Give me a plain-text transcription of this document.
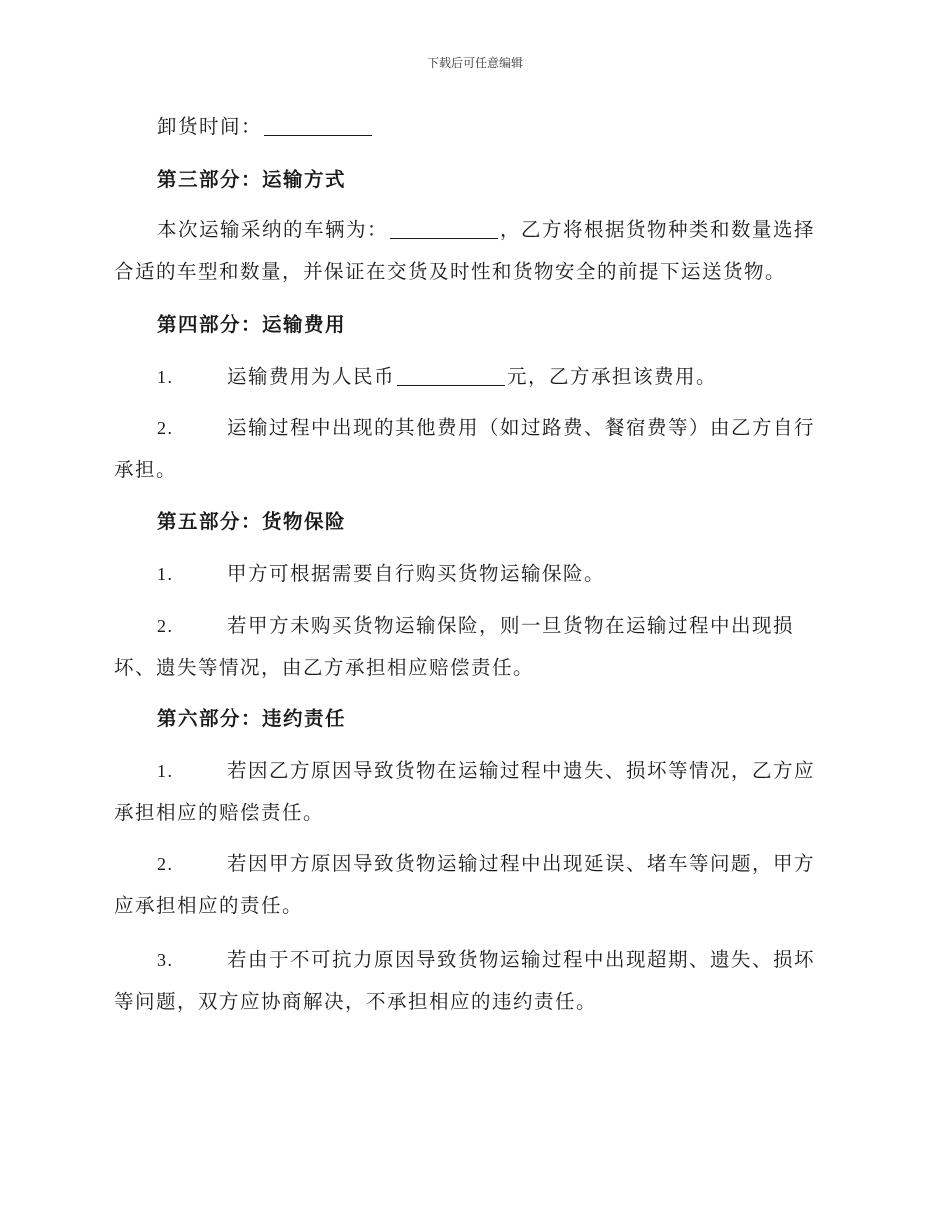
下载后可任意编辑

卸货时间：

第三部分：运输方式

本次运输采纳的车辆为：	，乙方将根据货物种类和数量选择合适的车型和数量，并保证在交货及时性和货物安全的前提下运送货物。

第四部分：运输费用

1.	运输费用为人民币	元，乙方承担该费用。

2.	运输过程中出现的其他费用（如过路费、餐宿费等）由乙方自行承担。

第五部分：货物保险

1.	甲方可根据需要自行购买货物运输保险。

2.	若甲方未购买货物运输保险，则一旦货物在运输过程中出现损坏、遗失等情况，由乙方承担相应赔偿责任。

第六部分：违约责任

1.	若因乙方原因导致货物在运输过程中遗失、损坏等情况，乙方应承担相应的赔偿责任。

2.	若因甲方原因导致货物运输过程中出现延误、堵车等问题，甲方应承担相应的责任。

3.	若由于不可抗力原因导致货物运输过程中出现超期、遗失、损坏等问题，双方应协商解决，不承担相应的违约责任。
